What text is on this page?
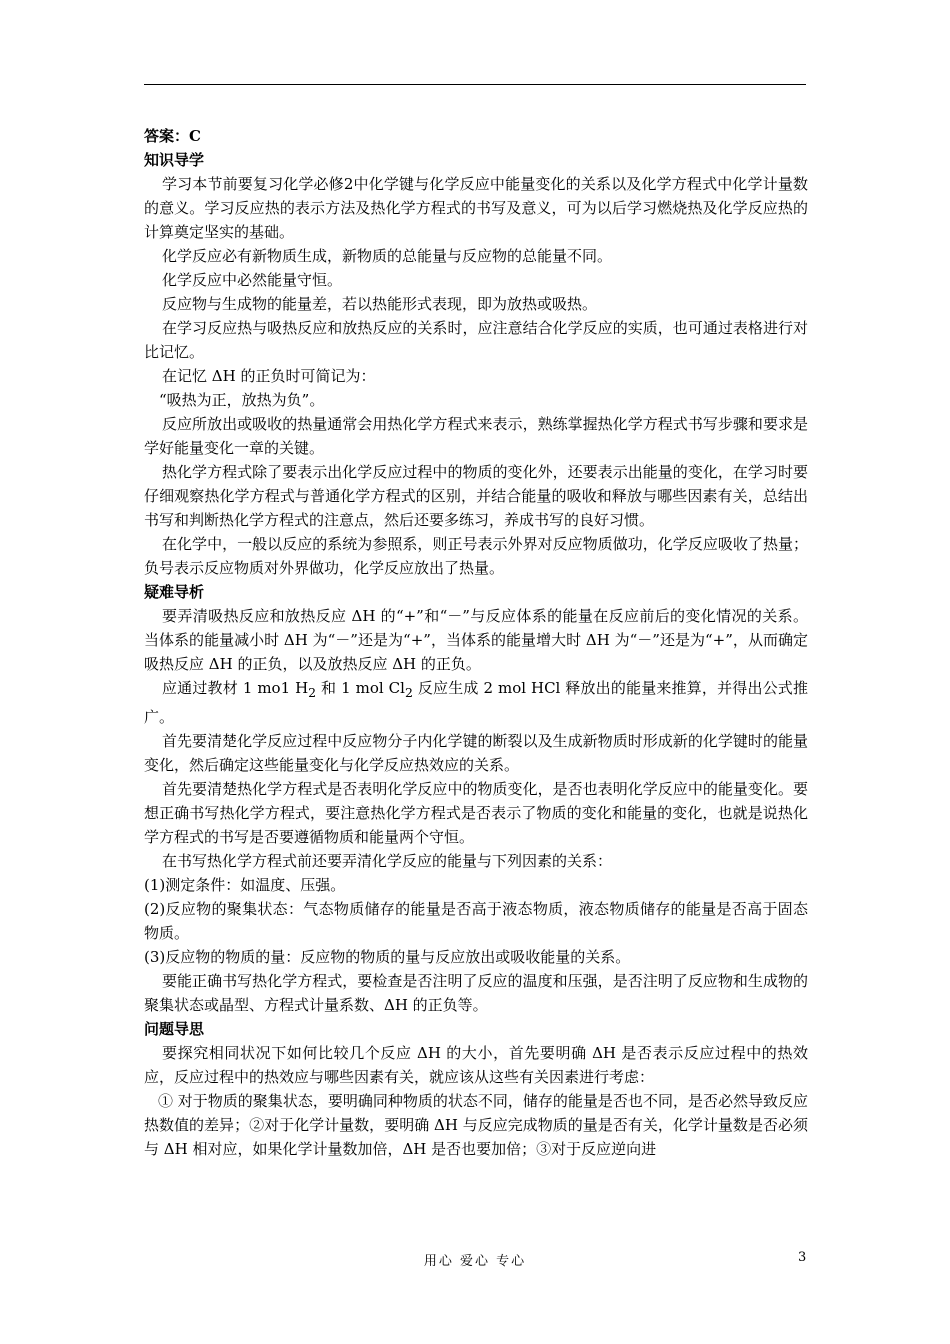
答案：C

知识导学

学习本节前要复习化学必修2中化学键与化学反应中能量变化的关系以及化学方程式中化学计量数的意义。学习反应热的表示方法及热化学方程式的书写及意义，可为以后学习燃烧热及化学反应热的计算奠定坚实的基础。

化学反应必有新物质生成，新物质的总能量与反应物的总能量不同。

化学反应中必然能量守恒。

反应物与生成物的能量差，若以热能形式表现，即为放热或吸热。

在学习反应热与吸热反应和放热反应的关系时，应注意结合化学反应的实质，也可通过表格进行对比记忆。

在记忆 ΔH 的正负时可简记为：

“吸热为正，放热为负”。

反应所放出或吸收的热量通常会用热化学方程式来表示，熟练掌握热化学方程式书写步骤和要求是学好能量变化一章的关键。

热化学方程式除了要表示出化学反应过程中的物质的变化外，还要表示出能量的变化，在学习时要仔细观察热化学方程式与普通化学方程式的区别，并结合能量的吸收和释放与哪些因素有关，总结出书写和判断热化学方程式的注意点，然后还要多练习，养成书写的良好习惯。

在化学中，一般以反应的系统为参照系，则正号表示外界对反应物质做功，化学反应吸收了热量；负号表示反应物质对外界做功，化学反应放出了热量。

疑难导析

要弄清吸热反应和放热反应 ΔH 的“+”和“－”与反应体系的能量在反应前后的变化情况的关系。当体系的能量减小时 ΔH 为“－”还是为“+”，当体系的能量增大时 ΔH 为“－”还是为“+”，从而确定吸热反应 ΔH 的正负，以及放热反应 ΔH 的正负。

应通过教材 1 mo1 $H_2$ 和 1 mol $Cl_2$ 反应生成 2 mol HCl 释放出的能量来推算，并得出公式推广。

首先要清楚化学反应过程中反应物分子内化学键的断裂以及生成新物质时形成新的化学键时的能量变化，然后确定这些能量变化与化学反应热效应的关系。

首先要清楚热化学方程式是否表明化学反应中的物质变化，是否也表明化学反应中的能量变化。要想正确书写热化学方程式，要注意热化学方程式是否表示了物质的变化和能量的变化，也就是说热化学方程式的书写是否要遵循物质和能量两个守恒。

在书写热化学方程式前还要弄清化学反应的能量与下列因素的关系：

(1)测定条件：如温度、压强。

(2)反应物的聚集状态：气态物质储存的能量是否高于液态物质，液态物质储存的能量是否高于固态物质。

(3)反应物的物质的量：反应物的物质的量与反应放出或吸收能量的关系。

要能正确书写热化学方程式，要检查是否注明了反应的温度和压强，是否注明了反应物和生成物的聚集状态或晶型、方程式计量系数、ΔH 的正负等。

问题导思

要探究相同状况下如何比较几个反应 ΔH 的大小，首先要明确 ΔH 是否表示反应过程中的热效应，反应过程中的热效应与哪些因素有关，就应该从这些有关因素进行考虑：

① 对于物质的聚集状态，要明确同种物质的状态不同，储存的能量是否也不同，是否必然导致反应热数值的差异；②对于化学计量数，要明确 ΔH 与反应完成物质的量是否有关，化学计量数是否必须与 ΔH 相对应，如果化学计量数加倍，ΔH 是否也要加倍；③对于反应逆向进

用心 爱心 专心	3
